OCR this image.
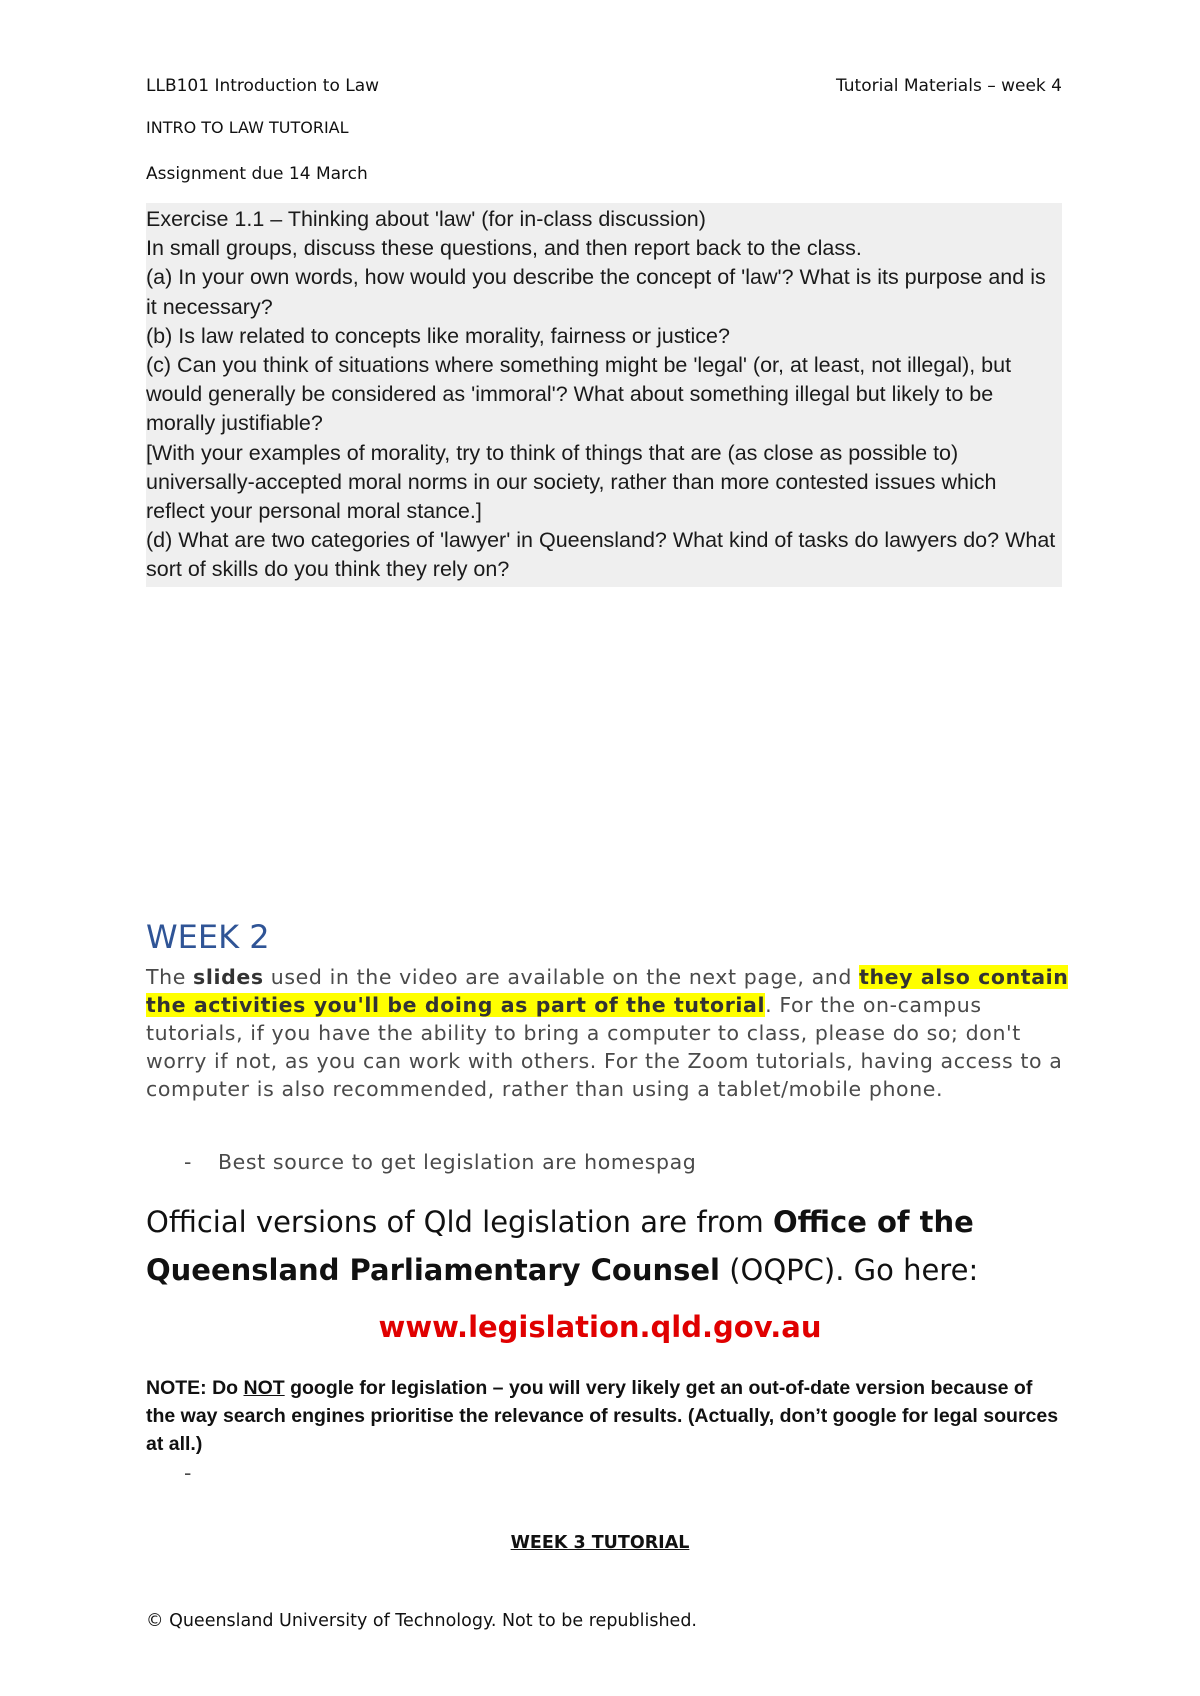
LLB101 Introduction to Law	Tutorial Materials – week 4
INTRO TO LAW TUTORIAL
Assignment due 14 March

Exercise 1.1 – Thinking about 'law' (for in-class discussion)

In small groups, discuss these questions, and then report back to the class.

(a) In your own words, how would you describe the concept of 'law'? What is its purpose and is

it necessary?

(b) Is law related to concepts like morality, fairness or justice?

(c) Can you think of situations where something might be 'legal' (or, at least, not illegal), but

would generally be considered as 'immoral'? What about something illegal but likely to be

morally justifiable?

[With your examples of morality, try to think of things that are (as close as possible to)

universally-accepted moral norms in our society, rather than more contested issues which

reflect your personal moral stance.]

(d) What are two categories of 'lawyer' in Queensland? What kind of tasks do lawyers do? What

sort of skills do you think they rely on?

WEEK 2
The slides used in the video are available on the next page, and they also contain the activities you'll be doing as part of the tutorial. For the on-campus tutorials, if you have the ability to bring a computer to class, please do so; don't worry if not, as you can work with others. For the Zoom tutorials, having access to a computer is also recommended, rather than using a tablet/mobile phone.
- Best source to get legislation are homespag
Official versions of Qld legislation are from Office of the Queensland Parliamentary Counsel (OQPC). Go here:
www.legislation.qld.gov.au
NOTE: Do NOT google for legislation – you will very likely get an out-of-date version because of the way search engines prioritise the relevance of results. (Actually, don’t google for legal sources at all.)
-
WEEK 3 TUTORIAL
© Queensland University of Technology. Not to be republished.
